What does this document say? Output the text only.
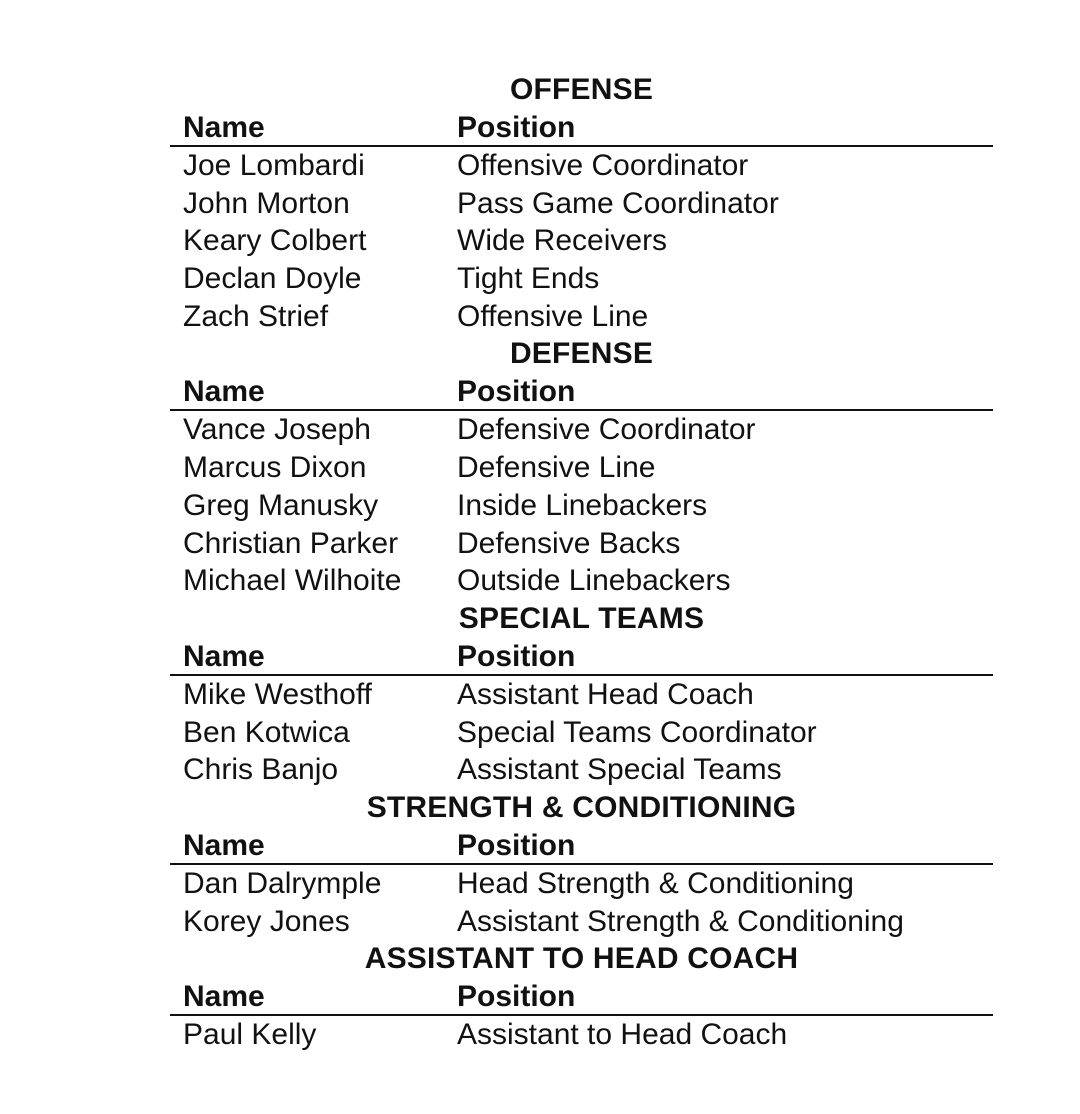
OFFENSE
Name	Position
Joe Lombardi	Offensive Coordinator
John Morton	Pass Game Coordinator
Keary Colbert	Wide Receivers
Declan Doyle	Tight Ends
Zach Strief	Offensive Line
DEFENSE
Name	Position
Vance Joseph	Defensive Coordinator
Marcus Dixon	Defensive Line
Greg Manusky	Inside Linebackers
Christian Parker	Defensive Backs
Michael Wilhoite	Outside Linebackers
SPECIAL TEAMS
Name	Position
Mike Westhoff	Assistant Head Coach
Ben Kotwica	Special Teams Coordinator
Chris Banjo	Assistant Special Teams
STRENGTH & CONDITIONING
Name	Position
Dan Dalrymple	Head Strength & Conditioning
Korey Jones	Assistant Strength & Conditioning
ASSISTANT TO HEAD COACH
Name	Position
Paul Kelly	Assistant to Head Coach
